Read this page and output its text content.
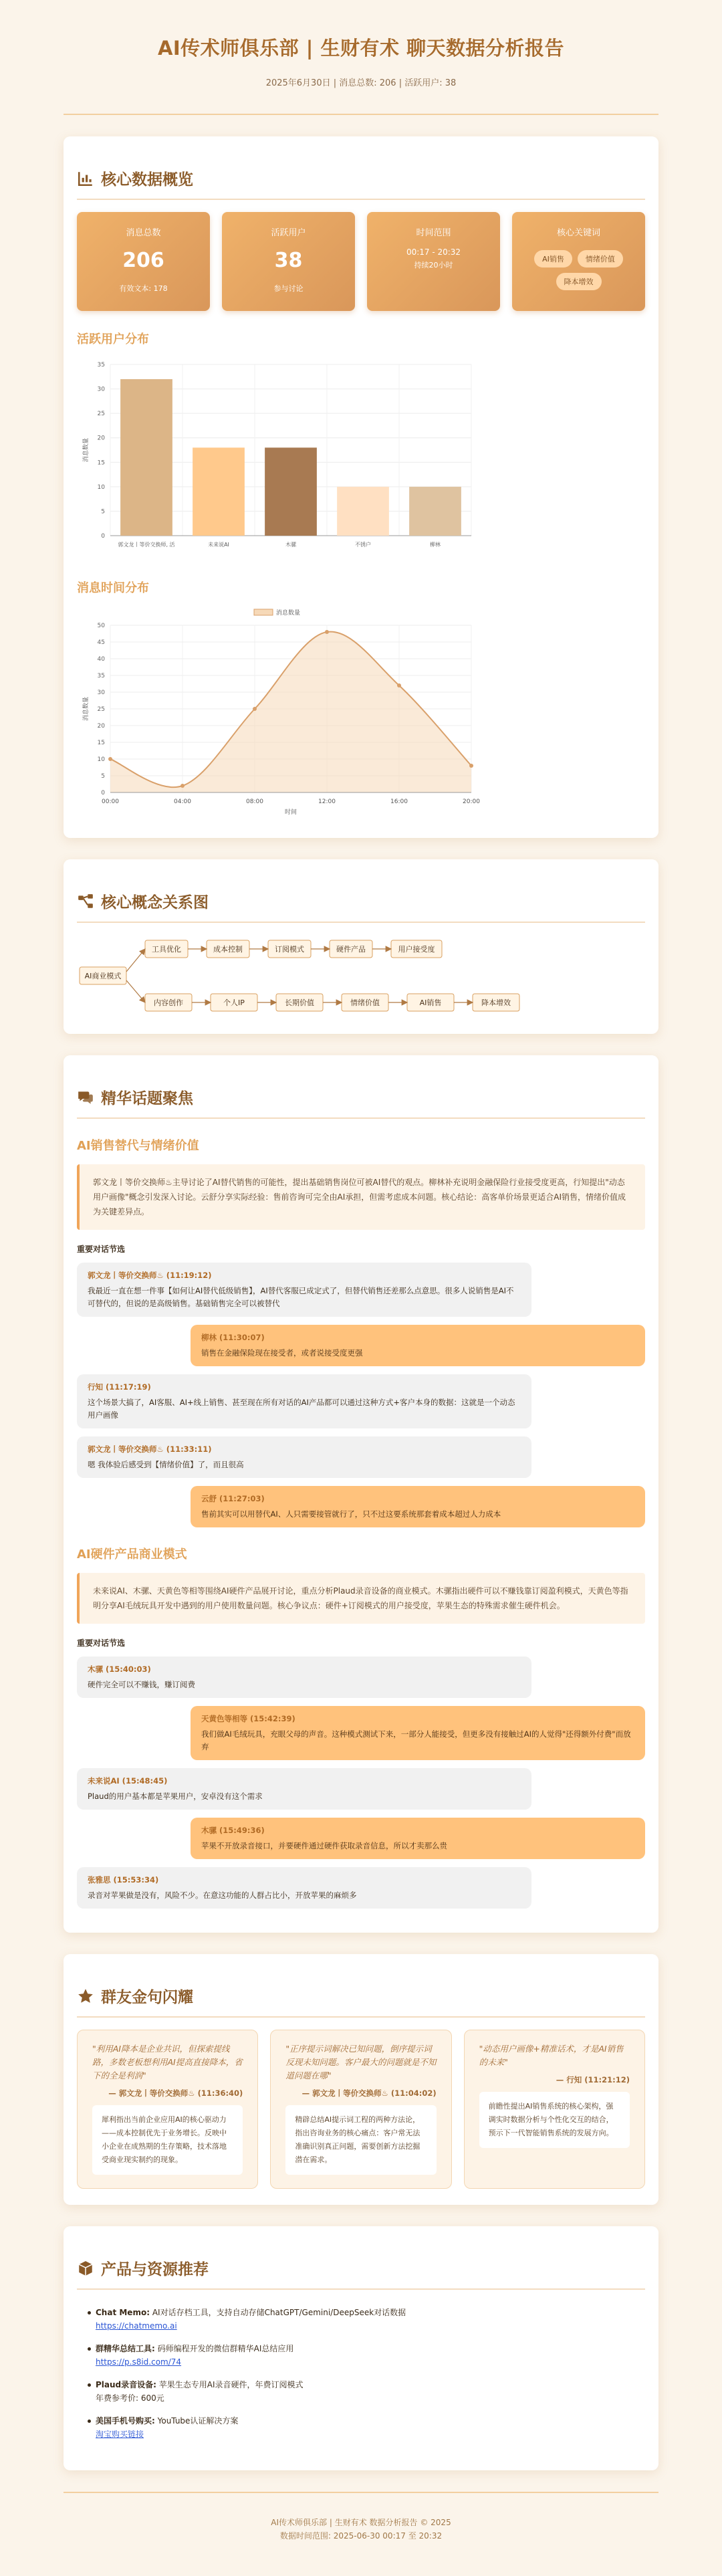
AI传术师俱乐部 | 生财有术 聊天数据分析报告
2025年6月30日 | 消息总数: 206 | 活跃用户: 38
核心数据概览
消息总数
206
有效文本: 178
活跃用户
38
参与讨论
时间范围
00:17 - 20:32
持续20小时
核心关键词
AI销售	情绪价值
降本增效
活跃用户分布
0
5
10
15
20
25
30
35
郭文龙丨等价交换师, 活	未来说AI	木骡	不锈户	柳林
消息数量
消息时间分布
0
5
10
15
20
25
30
35
40
45
50
00:00	04:00	08:00	12:00	16:00	20:00
消息数量
消息数量
时间
核心概念关系图
AI商业模式
工具优化	成本控制	订阅模式	硬件产品	用户接受度
内容创作	个人IP	长期价值	情绪价值	AI销售	降本增效
精华话题聚焦
AI销售替代与情绪价值
郭文龙丨等价交换师♨主导讨论了AI替代销售的可能性，提出基础销售岗位可被AI替代的观点。柳林补充说明金融保险行业接受度更高，行知提出"动态用户画像"概念引发深入讨论。云舒分享实际经验：售前咨询可完全由AI承担，但需考虑成本问题。核心结论：高客单价场景更适合AI销售，情绪价值成为关键差异点。
重要对话节选
郭文龙丨等价交换师♨ (11:19:12)
我最近一直在想一件事【如何让AI替代低级销售】，AI替代客服已成定式了，但替代销售还差那么点意思。很多人说销售是AI不可替代的，但说的是高级销售。基础销售完全可以被替代
柳林 (11:30:07)
销售在金融保险现在接受者，或者说接受度更强
行知 (11:17:19)
这个场景大搞了，AI客服、AI+线上销售、甚至现在所有对话的AI产品都可以通过这种方式+客户本身的数据：这就是一个动态用户画像
郭文龙丨等价交换师♨ (11:33:11)
嗯 我体验后感受到【情绪价值】了，而且很高
云舒 (11:27:03)
售前其实可以用替代AI、人只需要接管就行了，只不过这要系统那套着成本超过人力成本
AI硬件产品商业模式
未来说AI、木骡、天黄色等相等围绕AI硬件产品展开讨论，重点分析Plaud录音设备的商业模式。木骡指出硬件可以不赚钱靠订阅盈利模式，天黄色等指明分享AI毛绒玩具开发中遇到的用户使用数量问题。核心争议点：硬件+订阅模式的用户接受度，苹果生态的特殊需求催生硬件机会。
重要对话节选
木骡 (15:40:03)
硬件完全可以不赚钱，赚订阅费
天黄色等相等 (15:42:39)
我们做AI毛绒玩具，充眼父母的声音。这种模式测试下来，一部分人能接受，但更多没有接触过AI的人觉得"还得额外付费"而放弃
未来说AI (15:48:45)
Plaud的用户基本都是苹果用户，安卓没有这个需求
木骡 (15:49:36)
苹果不开放录音接口，并要硬件通过硬件获取录音信息，所以才卖那么贵
张雅思 (15:53:34)
录音对苹果做是没有，风险不少。在意这功能的人群占比小，开放苹果的麻烦多
群友金句闪耀
"利用AI降本是企业共识，但探索提线路，多数老板想利用AI提高直接降本，省下的全是利润"
— 郭文龙丨等价交换师♨ (11:36:40)
犀利指出当前企业应用AI的核心驱动力——成本控制优先于业务增长。反映中小企业在成熟期的生存策略，技术落地受商业现实制约的现象。
"正序提示词解决已知问题，倒序提示词反现未知问题。客户最大的问题就是不知道问题在哪"
— 郭文龙丨等价交换师♨ (11:04:02)
精辟总结AI提示词工程的两种方法论，指出咨询业务的核心痛点：客户常无法准确识别真正问题，需要创新方法挖掘潜在需求。
"动态用户画像+精准话术，才是AI销售的未来"
— 行知 (11:21:12)
前瞻性提出AI销售系统的核心架构，强调实时数据分析与个性化交互的结合，预示下一代智能销售系统的发展方向。
产品与资源推荐
Chat Memo: AI对话存档工具，支持自动存储ChatGPT/Gemini/DeepSeek对话数据
https://chatmemo.ai
群精华总结工具: 码师编程开发的微信群精华AI总结应用
https://p.s8id.com/74
Plaud录音设备: 苹果生态专用AI录音硬件，年费订阅模式
年费参考价: 600元
美国手机号购买: YouTube认证解决方案
淘宝购买链接
AI传术师俱乐部 | 生财有术 数据分析报告 © 2025
数据时间范围: 2025-06-30 00:17 至 20:32
